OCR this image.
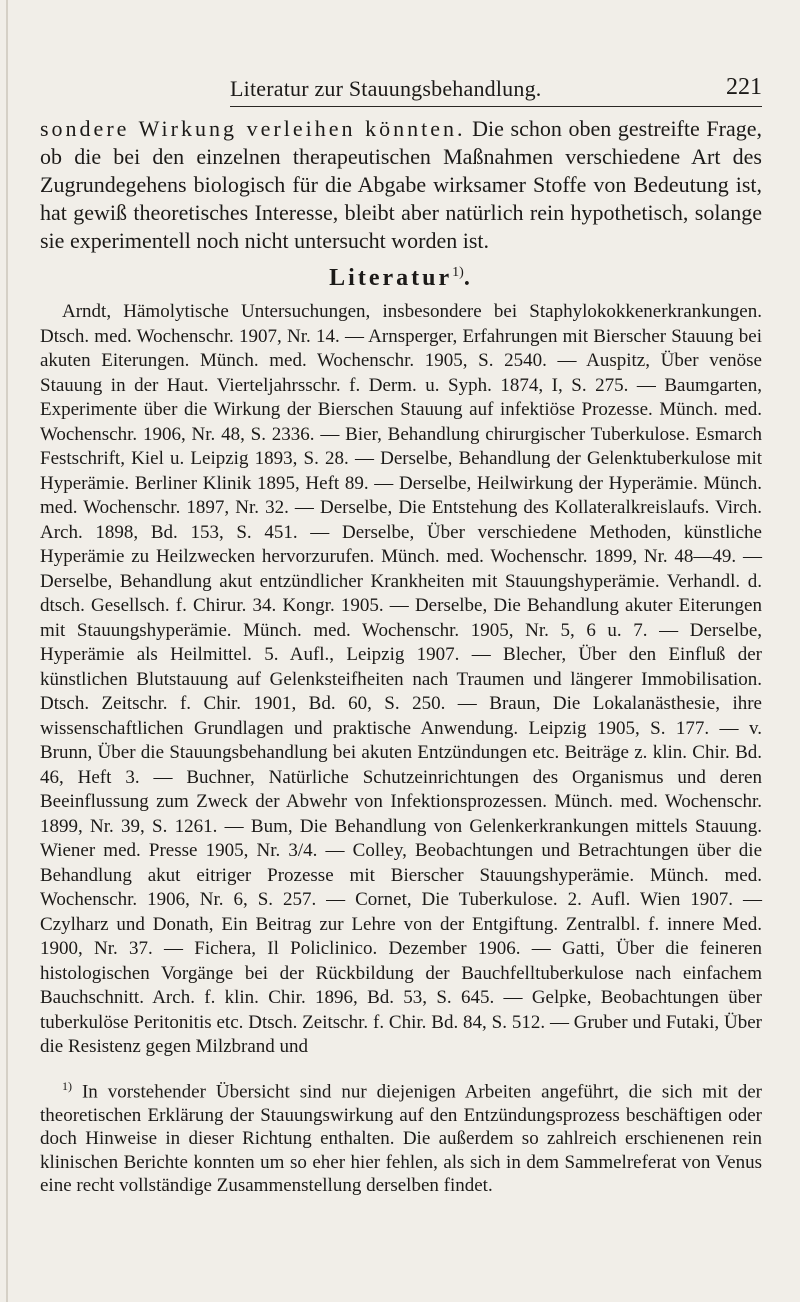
Literatur zur Stauungsbehandlung.	221

sondere Wirkung verleihen könnten. Die schon oben gestreifte Frage, ob die bei den einzelnen therapeutischen Maßnahmen verschiedene Art des Zugrundegehens biologisch für die Abgabe wirksamer Stoffe von Bedeutung ist, hat gewiß theoretisches Interesse, bleibt aber natürlich rein hypothetisch, solange sie experimentell noch nicht untersucht worden ist.

Literatur$^{1)}$.

Arndt, Hämolytische Untersuchungen, insbesondere bei Staphylokokkenerkrankungen. Dtsch. med. Wochenschr. 1907, Nr. 14. — Arnsperger, Erfahrungen mit Bierscher Stauung bei akuten Eiterungen. Münch. med. Wochenschr. 1905, S. 2540. — Auspitz, Über venöse Stauung in der Haut. Vierteljahrsschr. f. Derm. u. Syph. 1874, I, S. 275. — Baumgarten, Experimente über die Wirkung der Bierschen Stauung auf infektiöse Prozesse. Münch. med. Wochenschr. 1906, Nr. 48, S. 2336. — Bier, Behandlung chirurgischer Tuberkulose. Esmarch Festschrift, Kiel u. Leipzig 1893, S. 28. — Derselbe, Behandlung der Gelenktuberkulose mit Hyperämie. Berliner Klinik 1895, Heft 89. — Derselbe, Heilwirkung der Hyperämie. Münch. med. Wochenschr. 1897, Nr. 32. — Derselbe, Die Entstehung des Kollateralkreislaufs. Virch. Arch. 1898, Bd. 153, S. 451. — Derselbe, Über verschiedene Methoden, künstliche Hyperämie zu Heilzwecken hervorzurufen. Münch. med. Wochenschr. 1899, Nr. 48—49. — Derselbe, Behandlung akut entzündlicher Krankheiten mit Stauungshyperämie. Verhandl. d. dtsch. Gesellsch. f. Chirur. 34. Kongr. 1905. — Derselbe, Die Behandlung akuter Eiterungen mit Stauungshyperämie. Münch. med. Wochenschr. 1905, Nr. 5, 6 u. 7. — Derselbe, Hyperämie als Heilmittel. 5. Aufl., Leipzig 1907. — Blecher, Über den Einfluß der künstlichen Blutstauung auf Gelenksteifheiten nach Traumen und längerer Immobilisation. Dtsch. Zeitschr. f. Chir. 1901, Bd. 60, S. 250. — Braun, Die Lokalanästhesie, ihre wissenschaftlichen Grundlagen und praktische Anwendung. Leipzig 1905, S. 177. — v. Brunn, Über die Stauungsbehandlung bei akuten Entzündungen etc. Beiträge z. klin. Chir. Bd. 46, Heft 3. — Buchner, Natürliche Schutzeinrichtungen des Organismus und deren Beeinflussung zum Zweck der Abwehr von Infektionsprozessen. Münch. med. Wochenschr. 1899, Nr. 39, S. 1261. — Bum, Die Behandlung von Gelenkerkrankungen mittels Stauung. Wiener med. Presse 1905, Nr. 3/4. — Colley, Beobachtungen und Betrachtungen über die Behandlung akut eitriger Prozesse mit Bierscher Stauungshyperämie. Münch. med. Wochenschr. 1906, Nr. 6, S. 257. — Cornet, Die Tuberkulose. 2. Aufl. Wien 1907. — Czylharz und Donath, Ein Beitrag zur Lehre von der Entgiftung. Zentralbl. f. innere Med. 1900, Nr. 37. — Fichera, Il Policlinico. Dezember 1906. — Gatti, Über die feineren histologischen Vorgänge bei der Rückbildung der Bauchfelltuberkulose nach einfachem Bauchschnitt. Arch. f. klin. Chir. 1896, Bd. 53, S. 645. — Gelpke, Beobachtungen über tuberkulöse Peritonitis etc. Dtsch. Zeitschr. f. Chir. Bd. 84, S. 512. — Gruber und Futaki, Über die Resistenz gegen Milzbrand und

$^{1)}$ In vorstehender Übersicht sind nur diejenigen Arbeiten angeführt, die sich mit der theoretischen Erklärung der Stauungswirkung auf den Entzündungsprozess beschäftigen oder doch Hinweise in dieser Richtung enthalten. Die außerdem so zahlreich erschienenen rein klinischen Berichte konnten um so eher hier fehlen, als sich in dem Sammelreferat von Venus eine recht vollständige Zusammenstellung derselben findet.
